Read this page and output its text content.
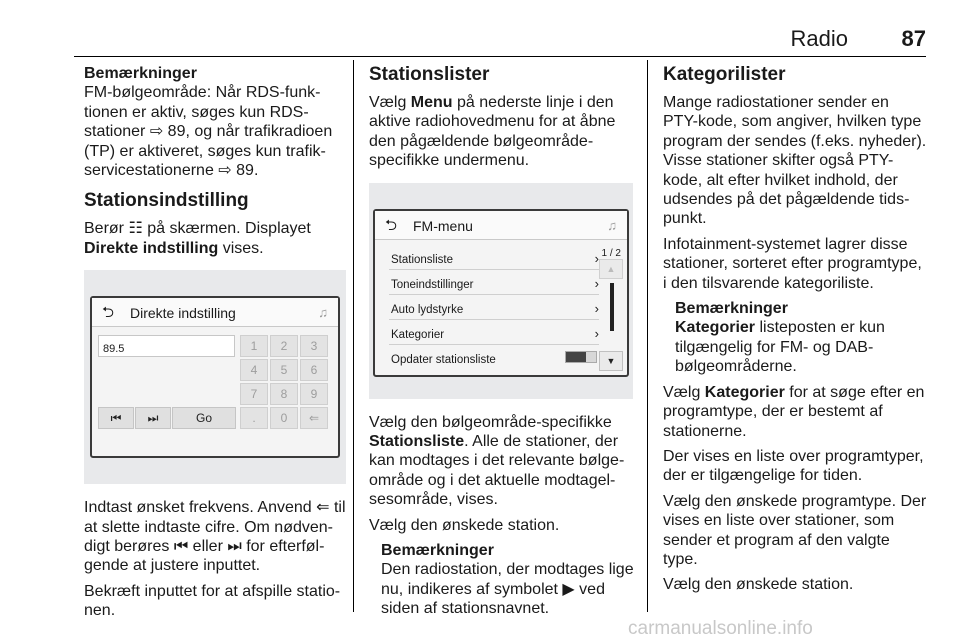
Radio 87

Bemærkninger
FM-bølgeområde: Når RDS-funktionen er aktiv, søges kun RDS-stationer ⇨ 89, og når trafikradioen (TP) er aktiveret, søges kun trafikservicestationerne ⇨ 89.

Stationsindstilling

Berør ☷ på skærmen. Displayet Direkte indstilling vises.

⮌ Direkte indstilling	♫
89.5	1	2	3
4	5	6
7	8	9
.	0	⇐
⏮ ⏭	Go

Indtast ønsket frekvens. Anvend ⇐ til at slette indtaste cifre. Om nødvendigt berøres ⏮ eller ⏭ for efterfølgende at justere inputtet.

Bekræft inputtet for at afspille stationen.

Stationslister

Vælg Menu på nederste linje i den aktive radiohovedmenu for at åbne den pågældende bølgeområde-specifikke undermenu.

⮌ FM-menu	♫
Stationsliste	›
Toneindstillinger	›
Auto lydstyrke	›
Kategorier	›
Opdater stationsliste
1 / 2
▲
▼

Vælg den bølgeområde-specifikke Stationsliste. Alle de stationer, der kan modtages i det relevante bølgeområde og i det aktuelle modtagelsesområde, vises.

Vælg den ønskede station.

Bemærkninger
Den radiostation, der modtages lige nu, indikeres af symbolet ▶ ved siden af stationsnavnet.

Kategorilister

Mange radiostationer sender en PTY-kode, som angiver, hvilken type program der sendes (f.eks. nyheder). Visse stationer skifter også PTY-kode, alt efter hvilket indhold, der udsendes på det pågældende tidspunkt.

Infotainment-systemet lagrer disse stationer, sorteret efter programtype, i den tilsvarende kategoriliste.

Bemærkninger
Kategorier listeposten er kun tilgængelig for FM- og DAB-bølgeområderne.

Vælg Kategorier for at søge efter en programtype, der er bestemt af stationerne.

Der vises en liste over programtyper, der er tilgængelige for tiden.

Vælg den ønskede programtype. Der vises en liste over stationer, som sender et program af den valgte type.

Vælg den ønskede station.

carmanualsonline.info
